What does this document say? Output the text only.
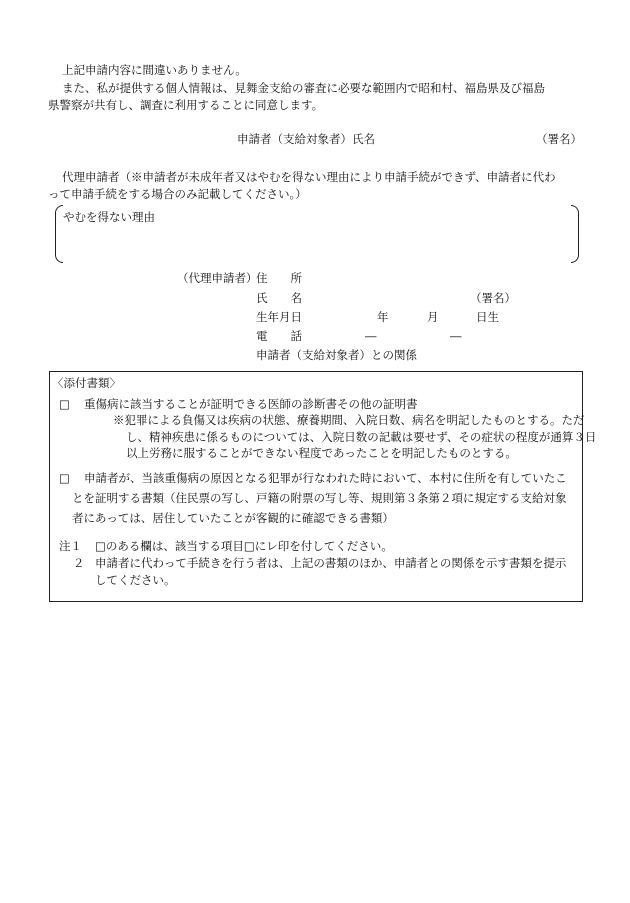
上記申請内容に間違いありません。
また、私が提供する個人情報は、見舞金支給の審査に必要な範囲内で昭和村、福島県及び福島
県警察が共有し、調査に利用することに同意します。
申請者（支給対象者）氏名	（署名）
代理申請者（※申請者が未成年者又はやむを得ない理由により申請手続ができず、申請者に代わ
って申請手続をする場合のみ記載してください。）
やむを得ない理由
（代理申請者）
住　　所
氏　　名	（署名）
生年月日	年	月	日生
電　　話	―	―
申請者（支給対象者）との関係
〈添付書類〉
□ 重傷病に該当することが証明できる医師の診断書その他の証明書
※犯罪による負傷又は疾病の状態、療養期間、入院日数、病名を明記したものとする。ただ
し、精神疾患に係るものについては、入院日数の記載は要せず、その症状の程度が通算３日
以上労務に服することができない程度であったことを明記したものとする。
□ 申請者が、当該重傷病の原因となる犯罪が行なわれた時において、本村に住所を有していたこ
とを証明する書類（住民票の写し、戸籍の附票の写し等、規則第３条第２項に規定する支給対象
者にあっては、居住していたことが客観的に確認できる書類）
注１ □のある欄は、該当する項目□にレ印を付してください。
２ 申請者に代わって手続きを行う者は、上記の書類のほか、申請者との関係を示す書類を提示
してください。
